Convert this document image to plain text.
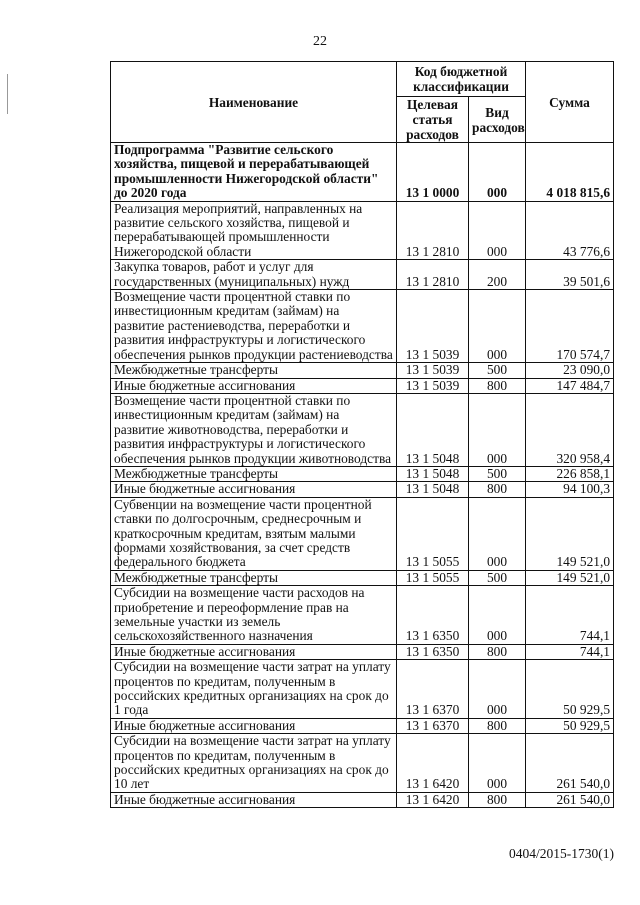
22
Наименование	Код бюджетной классификации		Сумма
	Целевая статья расходов	Вид расходов	
Подпрограмма "Развитие сельского хозяйства, пищевой и перерабатывающей промышленности Нижегородской области" до 2020 года	13 1 0000	000	4 018 815,6
Реализация мероприятий, направленных на развитие сельского хозяйства, пищевой и перерабатывающей промышленности Нижегородской области	13 1 2810	000	43 776,6
Закупка товаров, работ и услуг для государственных (муниципальных) нужд	13 1 2810	200	39 501,6
Возмещение части процентной ставки по инвестиционным кредитам (займам) на развитие растениеводства, переработки и развития инфраструктуры и логистического обеспечения рынков продукции растениеводства	13 1 5039	000	170 574,7
Межбюджетные трансферты	13 1 5039	500	23 090,0
Иные бюджетные ассигнования	13 1 5039	800	147 484,7
Возмещение части процентной ставки по инвестиционным кредитам (займам) на развитие животноводства, переработки и развития инфраструктуры и логистического обеспечения рынков продукции животноводства	13 1 5048	000	320 958,4
Межбюджетные трансферты	13 1 5048	500	226 858,1
Иные бюджетные ассигнования	13 1 5048	800	94 100,3
Субвенции на возмещение части процентной ставки по долгосрочным, среднесрочным и краткосрочным кредитам, взятым малыми формами хозяйствования, за счет средств федерального бюджета	13 1 5055	000	149 521,0
Межбюджетные трансферты	13 1 5055	500	149 521,0
Субсидии на возмещение части расходов на приобретение и переоформление прав на земельные участки из земель сельскохозяйственного назначения	13 1 6350	000	744,1
Иные бюджетные ассигнования	13 1 6350	800	744,1
Субсидии на возмещение части затрат на уплату процентов по кредитам, полученным в российских кредитных организациях на срок до 1 года	13 1 6370	000	50 929,5
Иные бюджетные ассигнования	13 1 6370	800	50 929,5
Субсидии на возмещение части затрат на уплату процентов по кредитам, полученным в российских кредитных организациях на срок до 10 лет	13 1 6420	000	261 540,0
Иные бюджетные ассигнования	13 1 6420	800	261 540,0
0404/2015-1730(1)
